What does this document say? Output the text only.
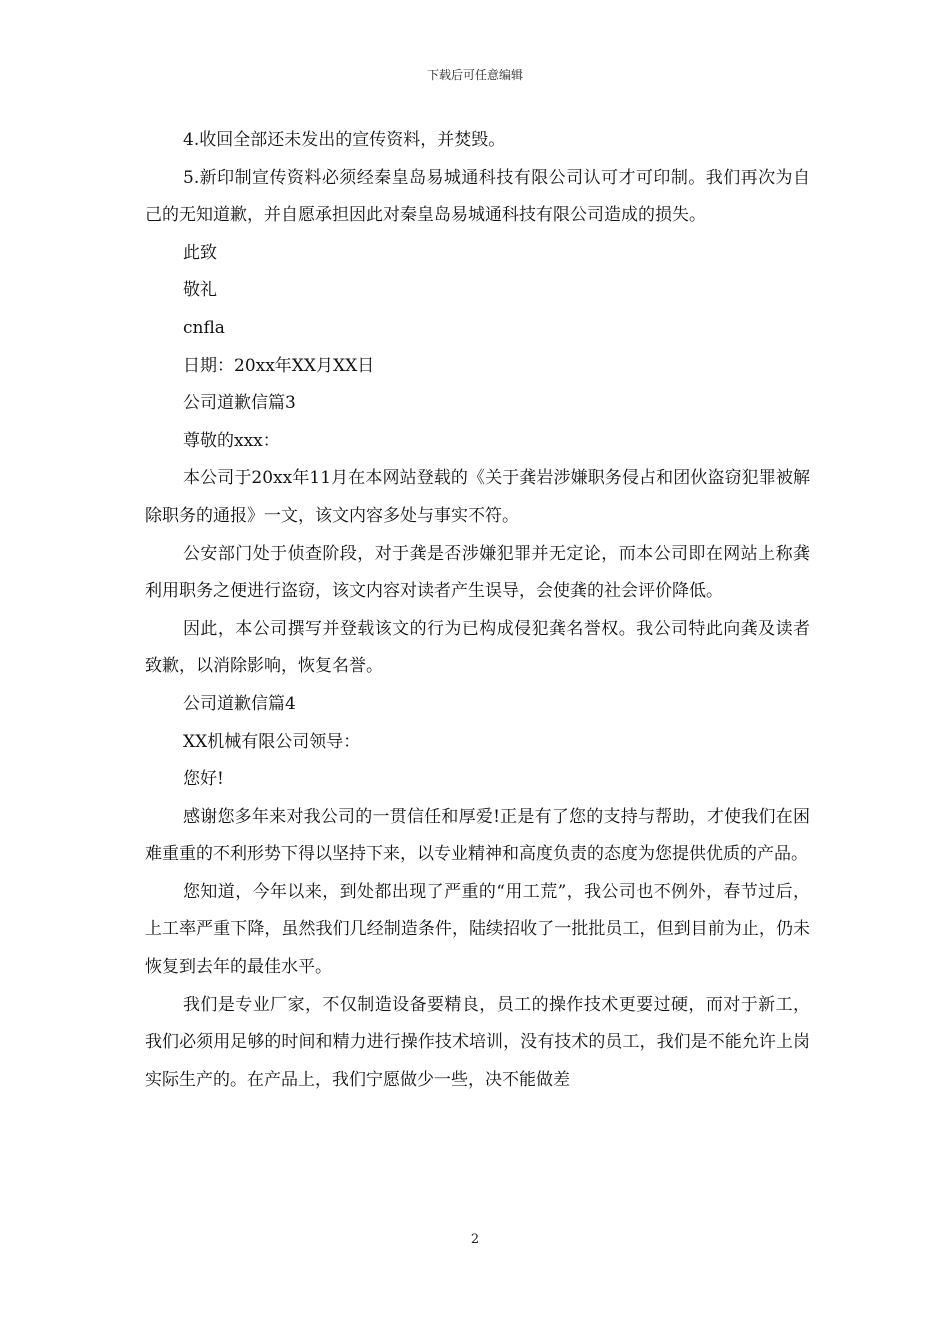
下载后可任意编辑

4.收回全部还未发出的宣传资料，并焚毁。

5.新印制宣传资料必须经秦皇岛易城通科技有限公司认可才可印制。我们再次为自己的无知道歉，并自愿承担因此对秦皇岛易城通科技有限公司造成的损失。

此致

敬礼

cnfla

日期：20xx年XX月XX日

公司道歉信篇3

尊敬的xxx：

本公司于20xx年11月在本网站登载的《关于龚岩涉嫌职务侵占和团伙盗窃犯罪被解除职务的通报》一文，该文内容多处与事实不符。

公安部门处于侦查阶段，对于龚是否涉嫌犯罪并无定论，而本公司即在网站上称龚利用职务之便进行盗窃，该文内容对读者产生误导，会使龚的社会评价降低。

因此，本公司撰写并登载该文的行为已构成侵犯龚名誉权。我公司特此向龚及读者致歉，以消除影响，恢复名誉。

公司道歉信篇4

XX机械有限公司领导：

您好!

感谢您多年来对我公司的一贯信任和厚爱!正是有了您的支持与帮助，才使我们在困难重重的不利形势下得以坚持下来，以专业精神和高度负责的态度为您提供优质的产品。

您知道，今年以来，到处都出现了严重的“用工荒”，我公司也不例外，春节过后，上工率严重下降，虽然我们几经制造条件，陆续招收了一批批员工，但到目前为止，仍未恢复到去年的最佳水平。

我们是专业厂家，不仅制造设备要精良，员工的操作技术更要过硬，而对于新工，我们必须用足够的时间和精力进行操作技术培训，没有技术的员工，我们是不能允许上岗实际生产的。在产品上，我们宁愿做少一些，决不能做差

2
